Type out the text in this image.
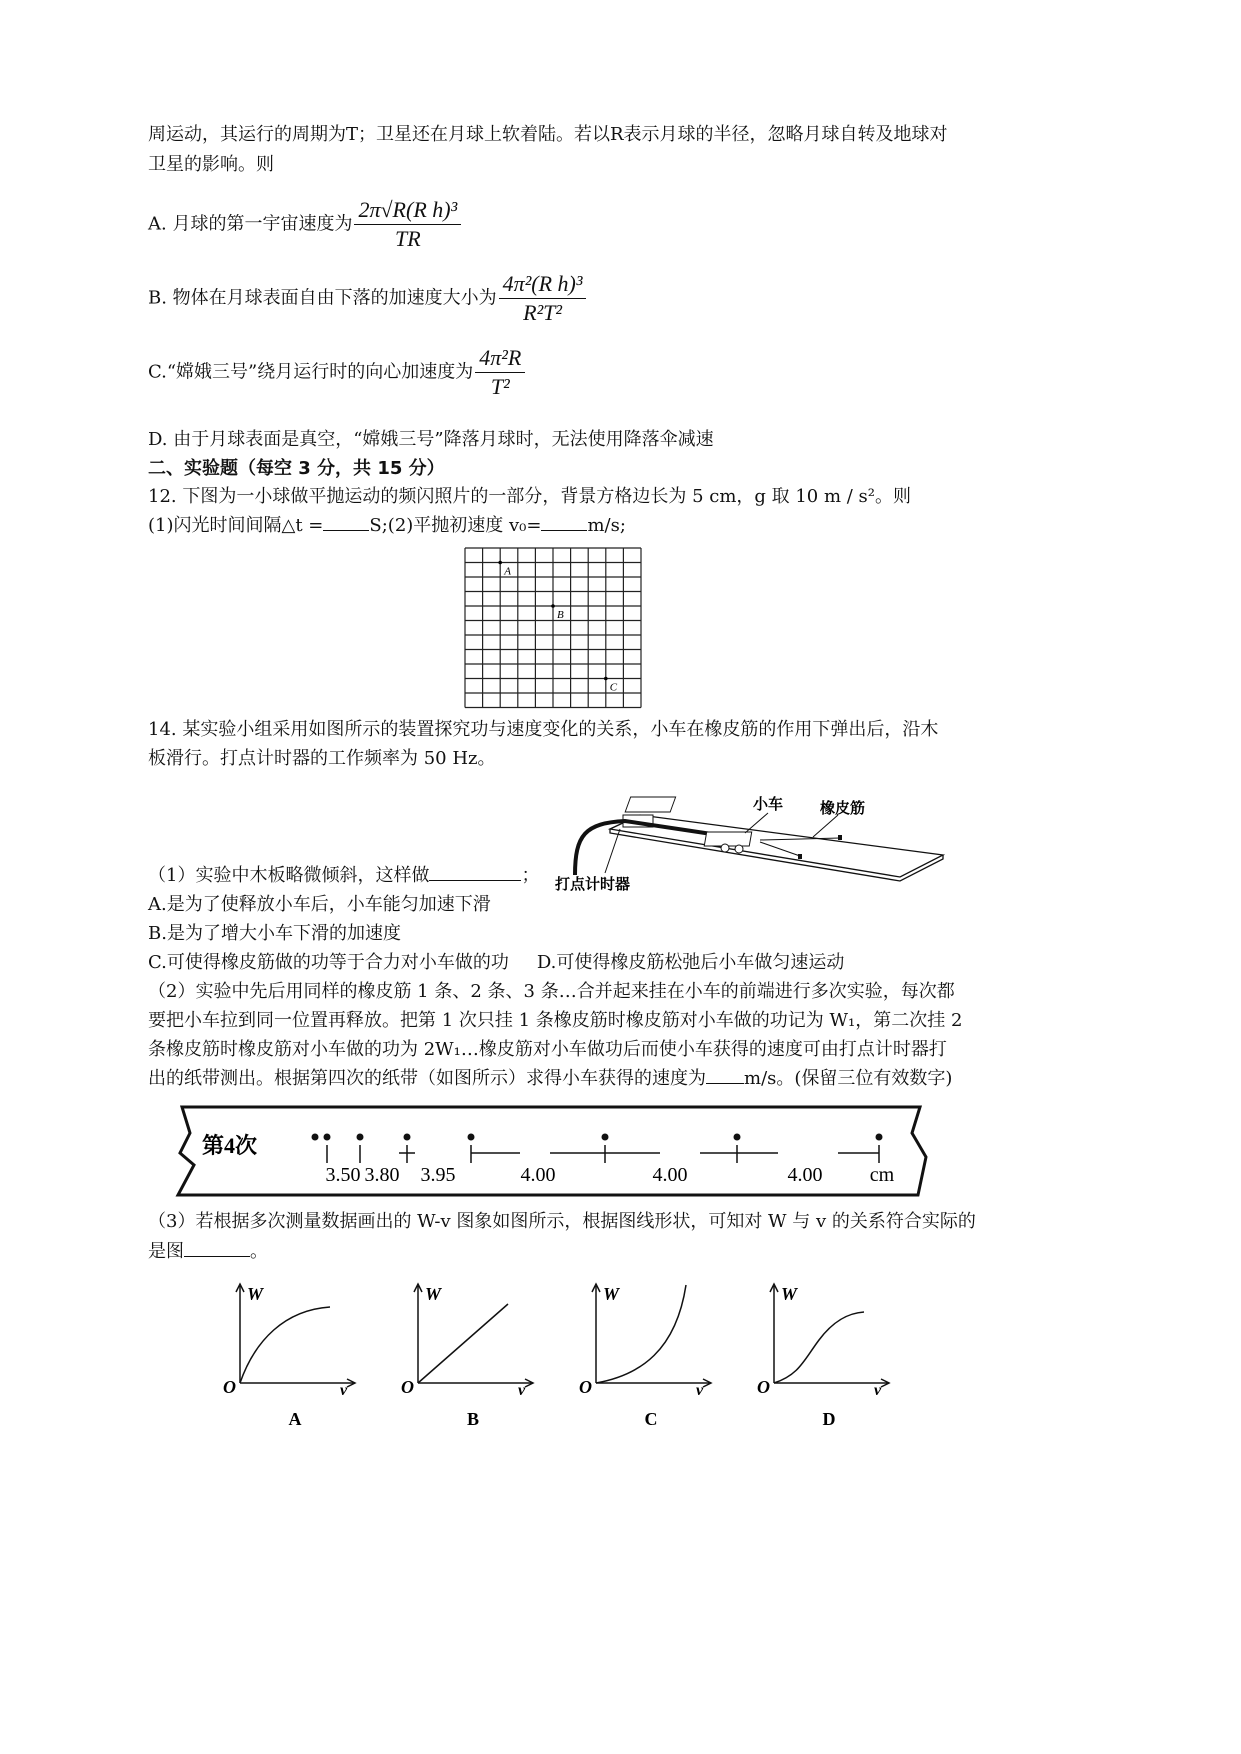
周运动，其运行的周期为T；卫星还在月球上软着陆。若以R表示月球的半径，忽略月球自转及地球对
卫星的影响。则
A. 月球的第一宇宙速度为 $\frac{\text{2π√R(R h)³}}{TR}$
B. 物体在月球表面自由下落的加速度大小为 $\frac{\text{4π²(R h)³}}{\text{R²T²}}$
C.“嫦娥三号”绕月运行时的向心加速度为 $\frac{\text{4π²R}}{\text{T²}}$
D. 由于月球表面是真空，“嫦娥三号”降落月球时，无法使用降落伞减速
二、实验题（每空 3 分，共 15 分）
12. 下图为一小球做平抛运动的频闪照片的一部分，背景方格边长为 5 cm，g 取 10 m / s²。则
(1)闪光时间间隔△t =	S;(2)平抛初速度 v₀=	m/s;
A
B
C
14. 某实验小组采用如图所示的装置探究功与速度变化的关系，小车在橡皮筋的作用下弹出后，沿木
板滑行。打点计时器的工作频率为 50 Hz。
小车 橡皮筋
打点计时器
（1）实验中木板略微倾斜，这样做	；
A.是为了使释放小车后，小车能匀加速下滑
B.是为了增大小车下滑的加速度
C.可使得橡皮筋做的功等于合力对小车做的功 D.可使得橡皮筋松弛后小车做匀速运动
（2）实验中先后用同样的橡皮筋 1 条、2 条、3 条…合并起来挂在小车的前端进行多次实验，每次都
要把小车拉到同一位置再释放。把第 1 次只挂 1 条橡皮筋时橡皮筋对小车做的功记为 W₁，第二次挂 2
条橡皮筋时橡皮筋对小车做的功为 2W₁…橡皮筋对小车做功后而使小车获得的速度可由打点计时器打
出的纸带测出。根据第四次的纸带（如图所示）求得小车获得的速度为 m/s。(保留三位有效数字)
第4次
3.50 3.80 3.95	4.00	4.00	4.00 cm
（3）若根据多次测量数据画出的 W-v 图象如图所示，根据图线形状，可知对 W 与 v 的关系符合实际的
是图	。
W
O	v
A
W
O	v
B
W
O	v
C
W
O	v
D
